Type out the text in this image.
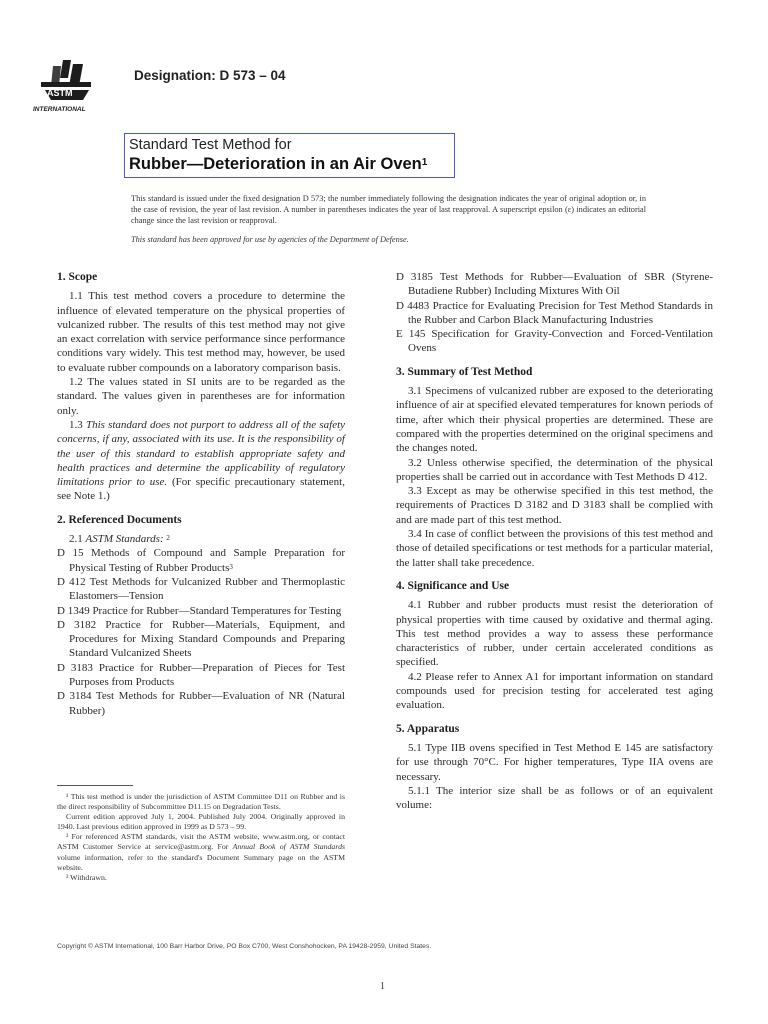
ASTM
INTERNATIONAL
Designation: D 573 – 04
Standard Test Method for
Rubber—Deterioration in an Air Oven$^1$
This standard is issued under the fixed designation D 573; the number immediately following the designation indicates the year of original adoption or, in the case of revision, the year of last revision. A number in parentheses indicates the year of last reapproval. A superscript epsilon (ε) indicates an editorial change since the last revision or reapproval.
This standard has been approved for use by agencies of the Department of Defense.
1. Scope
1.1 This test method covers a procedure to determine the influence of elevated temperature on the physical properties of vulcanized rubber. The results of this test method may not give an exact correlation with service performance since performance conditions vary widely. This test method may, however, be used to evaluate rubber compounds on a laboratory comparison basis.
1.2 The values stated in SI units are to be regarded as the standard. The values given in parentheses are for information only.
1.3 This standard does not purport to address all of the safety concerns, if any, associated with its use. It is the responsibility of the user of this standard to establish appropriate safety and health practices and determine the applicability of regulatory limitations prior to use. (For specific precautionary statement, see Note 1.)
2. Referenced Documents
2.1 ASTM Standards: $^2$
D 15 Methods of Compound and Sample Preparation for Physical Testing of Rubber Products$^3$
D 412 Test Methods for Vulcanized Rubber and Thermoplastic Elastomers—Tension
D 1349 Practice for Rubber—Standard Temperatures for Testing
D 3182 Practice for Rubber—Materials, Equipment, and Procedures for Mixing Standard Compounds and Preparing Standard Vulcanized Sheets
D 3183 Practice for Rubber—Preparation of Pieces for Test Purposes from Products
D 3184 Test Methods for Rubber—Evaluation of NR (Natural Rubber)
¹ This test method is under the jurisdiction of ASTM Committee D11 on Rubber and is the direct responsibility of Subcommittee D11.15 on Degradation Tests.
Current edition approved July 1, 2004. Published July 2004. Originally approved in 1940. Last previous edition approved in 1999 as D 573 – 99.
² For referenced ASTM standards, visit the ASTM website, www.astm.org, or contact ASTM Customer Service at service@astm.org. For Annual Book of ASTM Standards volume information, refer to the standard's Document Summary page on the ASTM website.
³ Withdrawn.
D 3185 Test Methods for Rubber—Evaluation of SBR (Styrene-Butadiene Rubber) Including Mixtures With Oil
D 4483 Practice for Evaluating Precision for Test Method Standards in the Rubber and Carbon Black Manufacturing Industries
E 145 Specification for Gravity-Convection and Forced-Ventilation Ovens
3. Summary of Test Method
3.1 Specimens of vulcanized rubber are exposed to the deteriorating influence of air at specified elevated temperatures for known periods of time, after which their physical properties are determined. These are compared with the properties determined on the original specimens and the changes noted.
3.2 Unless otherwise specified, the determination of the physical properties shall be carried out in accordance with Test Methods D 412.
3.3 Except as may be otherwise specified in this test method, the requirements of Practices D 3182 and D 3183 shall be complied with and are made part of this test method.
3.4 In case of conflict between the provisions of this test method and those of detailed specifications or test methods for a particular material, the latter shall take precedence.
4. Significance and Use
4.1 Rubber and rubber products must resist the deterioration of physical properties with time caused by oxidative and thermal aging. This test method provides a way to assess these performance characteristics of rubber, under certain accelerated conditions as specified.
4.2 Please refer to Annex A1 for important information on standard compounds used for precision testing for accelerated test aging evaluation.
5. Apparatus
5.1 Type IIB ovens specified in Test Method E 145 are satisfactory for use through 70°C. For higher temperatures, Type IIA ovens are necessary.
5.1.1 The interior size shall be as follows or of an equivalent volume:
Copyright © ASTM International, 100 Barr Harbor Drive, PO Box C700, West Conshohocken, PA 19428-2959, United States.
1
